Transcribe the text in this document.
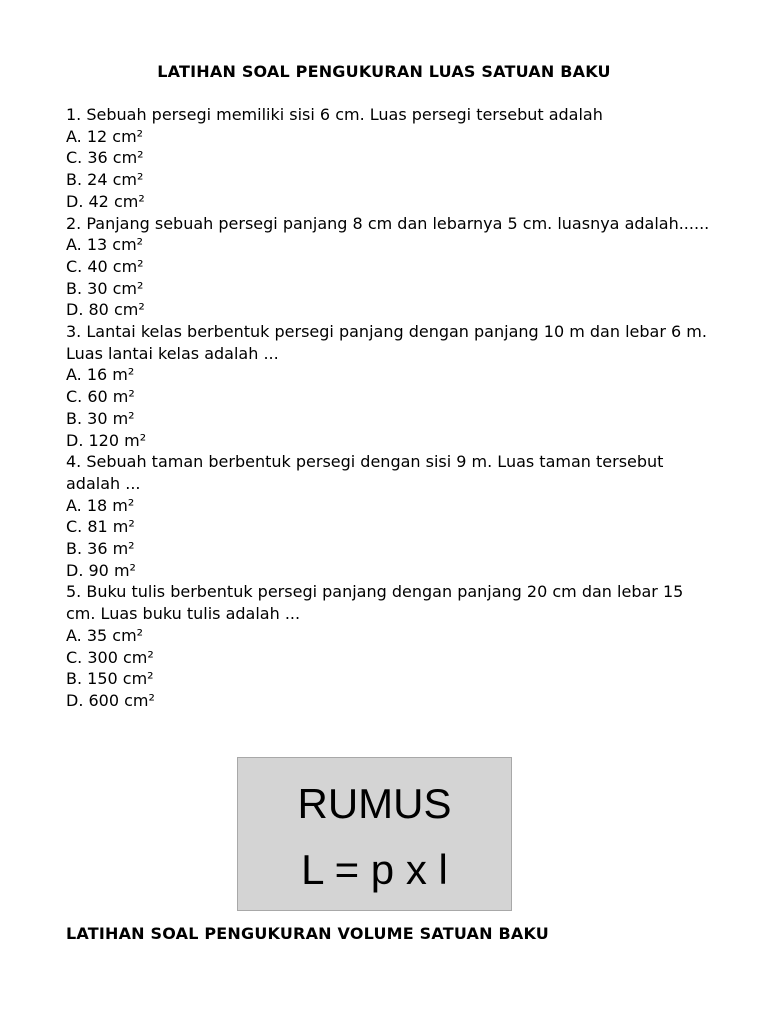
LATIHAN SOAL PENGUKURAN LUAS SATUAN BAKU

1. Sebuah persegi memiliki sisi 6 cm. Luas persegi tersebut adalah

A. 12 cm²

C. 36 cm²

B. 24 cm²

D. 42 cm²

2. Panjang sebuah persegi panjang 8 cm dan lebarnya 5 cm. luasnya adalah......

A. 13 cm²

C. 40 cm²

B. 30 cm²

D. 80 cm²

3. Lantai kelas berbentuk persegi panjang dengan panjang 10 m dan lebar 6 m. Luas lantai kelas adalah ...

A. 16 m²

C. 60 m²

B. 30 m²

D. 120 m²

4. Sebuah taman berbentuk persegi dengan sisi 9 m. Luas taman tersebut adalah ...

A. 18 m²

C. 81 m²

B. 36 m²

D. 90 m²

5. Buku tulis berbentuk persegi panjang dengan panjang 20 cm dan lebar 15 cm. Luas buku tulis adalah ...

A. 35 cm²

C. 300 cm²

B. 150 cm²

D. 600 cm²

RUMUS
L = p x l
LATIHAN SOAL PENGUKURAN VOLUME SATUAN BAKU
